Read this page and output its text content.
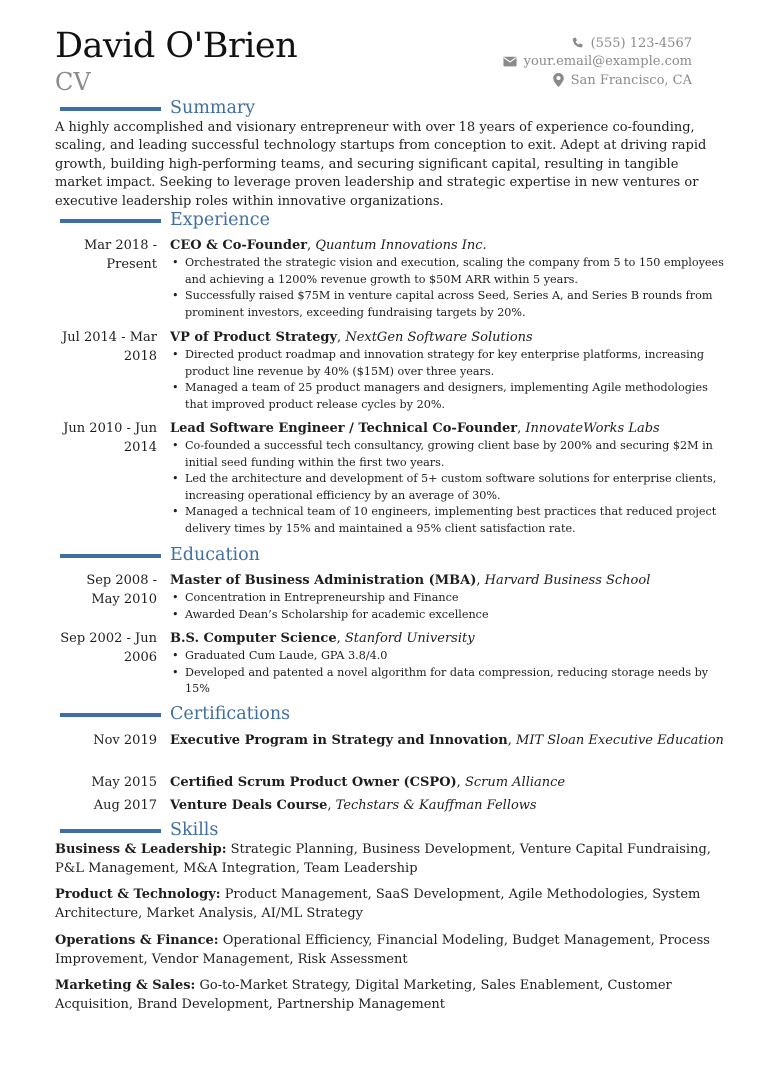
David O'Brien
CV
(555) 123-4567
your.email@example.com
San Francisco, CA
Summary
A highly accomplished and visionary entrepreneur with over 18 years of experience co-founding, scaling, and leading successful technology startups from conception to exit. Adept at driving rapid growth, building high-performing teams, and securing significant capital, resulting in tangible market impact. Seeking to leverage proven leadership and strategic expertise in new ventures or executive leadership roles within innovative organizations.
Experience
Mar 2018 - Present
CEO & Co-Founder, Quantum Innovations Inc.
• Orchestrated the strategic vision and execution, scaling the company from 5 to 150 employees and achieving a 1200% revenue growth to $50M ARR within 5 years.
• Successfully raised $75M in venture capital across Seed, Series A, and Series B rounds from prominent investors, exceeding fundraising targets by 20%.
Jul 2014 - Mar 2018
VP of Product Strategy, NextGen Software Solutions
• Directed product roadmap and innovation strategy for key enterprise platforms, increasing product line revenue by 40% ($15M) over three years.
• Managed a team of 25 product managers and designers, implementing Agile methodologies that improved product release cycles by 20%.
Jun 2010 - Jun 2014
Lead Software Engineer / Technical Co-Founder, InnovateWorks Labs
• Co-founded a successful tech consultancy, growing client base by 200% and securing $2M in initial seed funding within the first two years.
• Led the architecture and development of 5+ custom software solutions for enterprise clients, increasing operational efficiency by an average of 30%.
• Managed a technical team of 10 engineers, implementing best practices that reduced project delivery times by 15% and maintained a 95% client satisfaction rate.
Education
Sep 2008 - May 2010
Master of Business Administration (MBA), Harvard Business School
• Concentration in Entrepreneurship and Finance
• Awarded Dean’s Scholarship for academic excellence
Sep 2002 - Jun 2006
B.S. Computer Science, Stanford University
• Graduated Cum Laude, GPA 3.8/4.0
• Developed and patented a novel algorithm for data compression, reducing storage needs by 15%
Certifications
Nov 2019 Executive Program in Strategy and Innovation, MIT Sloan Executive Education
May 2015 Certified Scrum Product Owner (CSPO), Scrum Alliance
Aug 2017 Venture Deals Course, Techstars & Kauffman Fellows
Skills
Business & Leadership: Strategic Planning, Business Development, Venture Capital Fundraising, P&L Management, M&A Integration, Team Leadership
Product & Technology: Product Management, SaaS Development, Agile Methodologies, System Architecture, Market Analysis, AI/ML Strategy
Operations & Finance: Operational Efficiency, Financial Modeling, Budget Management, Process Improvement, Vendor Management, Risk Assessment
Marketing & Sales: Go-to-Market Strategy, Digital Marketing, Sales Enablement, Customer Acquisition, Brand Development, Partnership Management
